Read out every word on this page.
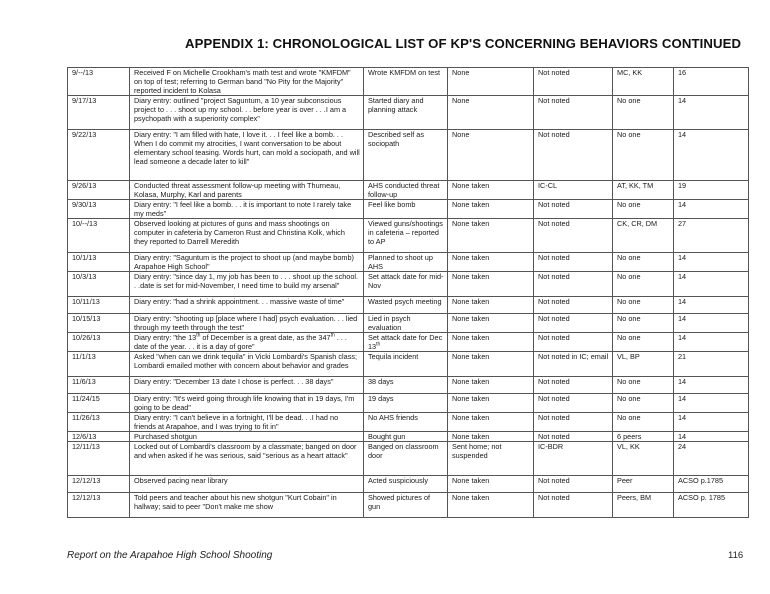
APPENDIX 1: CHRONOLOGICAL LIST OF KP'S CONCERNING BEHAVIORS CONTINUED
9/--/13	Received F on Michelle Crookham's math test and wrote "KMFDM" on top of test; referring to German band "No Pity for the Majority" reported incident to Kolasa	Wrote KMFDM on test	None	Not noted	MC, KK	16
9/17/13	Diary entry: outlined "project Saguntum, a 10 year subconscious project to . . . shoot up my school. . . before year is over . . .I am a psychopath with a superiority complex"	Started diary and planning attack	None	Not noted	No one	14
9/22/13	Diary entry: "I am filled with hate, I love it. . . I feel like a bomb. . . When I do commit my atrocities, I want conversation to be about elementary school teasing. Words hurt, can mold a sociopath, and will lead someone a decade later to kill"	Described self as sociopath	None	Not noted	No one	14
9/26/13	Conducted threat assessment follow-up meeting with Thurneau, Kolasa, Murphy, Karl and parents	AHS conducted threat follow-up	None taken	IC-CL	AT, KK, TM	19
9/30/13	Diary entry: "I feel like a bomb. . . it is important to note I rarely take my meds"	Feel like bomb	None taken	Not noted	No one	14
10/--/13	Observed looking at pictures of guns and mass shootings on computer in cafeteria by Cameron Rust and Christina Kolk, which they reported to Darrell Meredith	Viewed guns/shootings in cafeteria – reported to AP	None taken	Not noted	CK, CR, DM	27
10/1/13	Diary entry: "Saguntum is the project to shoot up (and maybe bomb) Arapahoe High School"	Planned to shoot up AHS	None taken	Not noted	No one	14
10/3/13	Diary entry: "since day 1, my job has been to . . . shoot up the school. . .date is set for mid-November, I need time to build my arsenal"	Set attack date for mid-Nov	None taken	Not noted	No one	14
10/11/13	Diary entry: "had a shrink appointment. . . massive waste of time"	Wasted psych meeting	None taken	Not noted	No one	14
10/15/13	Diary entry: "shooting up [place where I had] psych evaluation. . . lied through my teeth through the test"	Lied in psych evaluation	None taken	Not noted	No one	14
10/26/13	Diary entry: "the 13th of December is a great date, as the 347th . . . date of the year. . . it is a day of gore"	Set attack date for Dec 13th	None taken	Not noted	No one	14
11/1/13	Asked "when can we drink tequila" in Vicki Lombardi's Spanish class; Lombardi emailed mother with concern about behavior and grades	Tequila incident	None taken	Not noted in IC; email	VL, BP	21
11/6/13	Diary entry: "December 13 date I chose is perfect. . . 38 days"	38 days	None taken	Not noted	No one	14
11/24/15	Diary entry: "It's weird going through life knowing that in 19 days, I'm going to be dead"	19 days	None taken	Not noted	No one	14
11/26/13	Diary entry: "I can't believe in a fortnight, I'll be dead. . .I had no friends at Arapahoe, and I was trying to fit in"	No AHS friends	None taken	Not noted	No one	14
12/6/13	Purchased shotgun	Bought gun	None taken	Not noted	6 peers	14
12/11/13	Locked out of Lombardi's classroom by a classmate; banged on door and when asked if he was serious, said "serious as a heart attack"	Banged on classroom door	Sent home; not suspended	IC-BDR	VL, KK	24
12/12/13	Observed pacing near library	Acted suspiciously	None taken	Not noted	Peer	ACSO p.1785
12/12/13	Told peers and teacher about his new shotgun "Kurt Cobain" in hallway; said to peer "Don't make me show	Showed pictures of gun	None taken	Not noted	Peers, BM	ACSO p. 1785
Report on the Arapahoe High School Shooting	116
